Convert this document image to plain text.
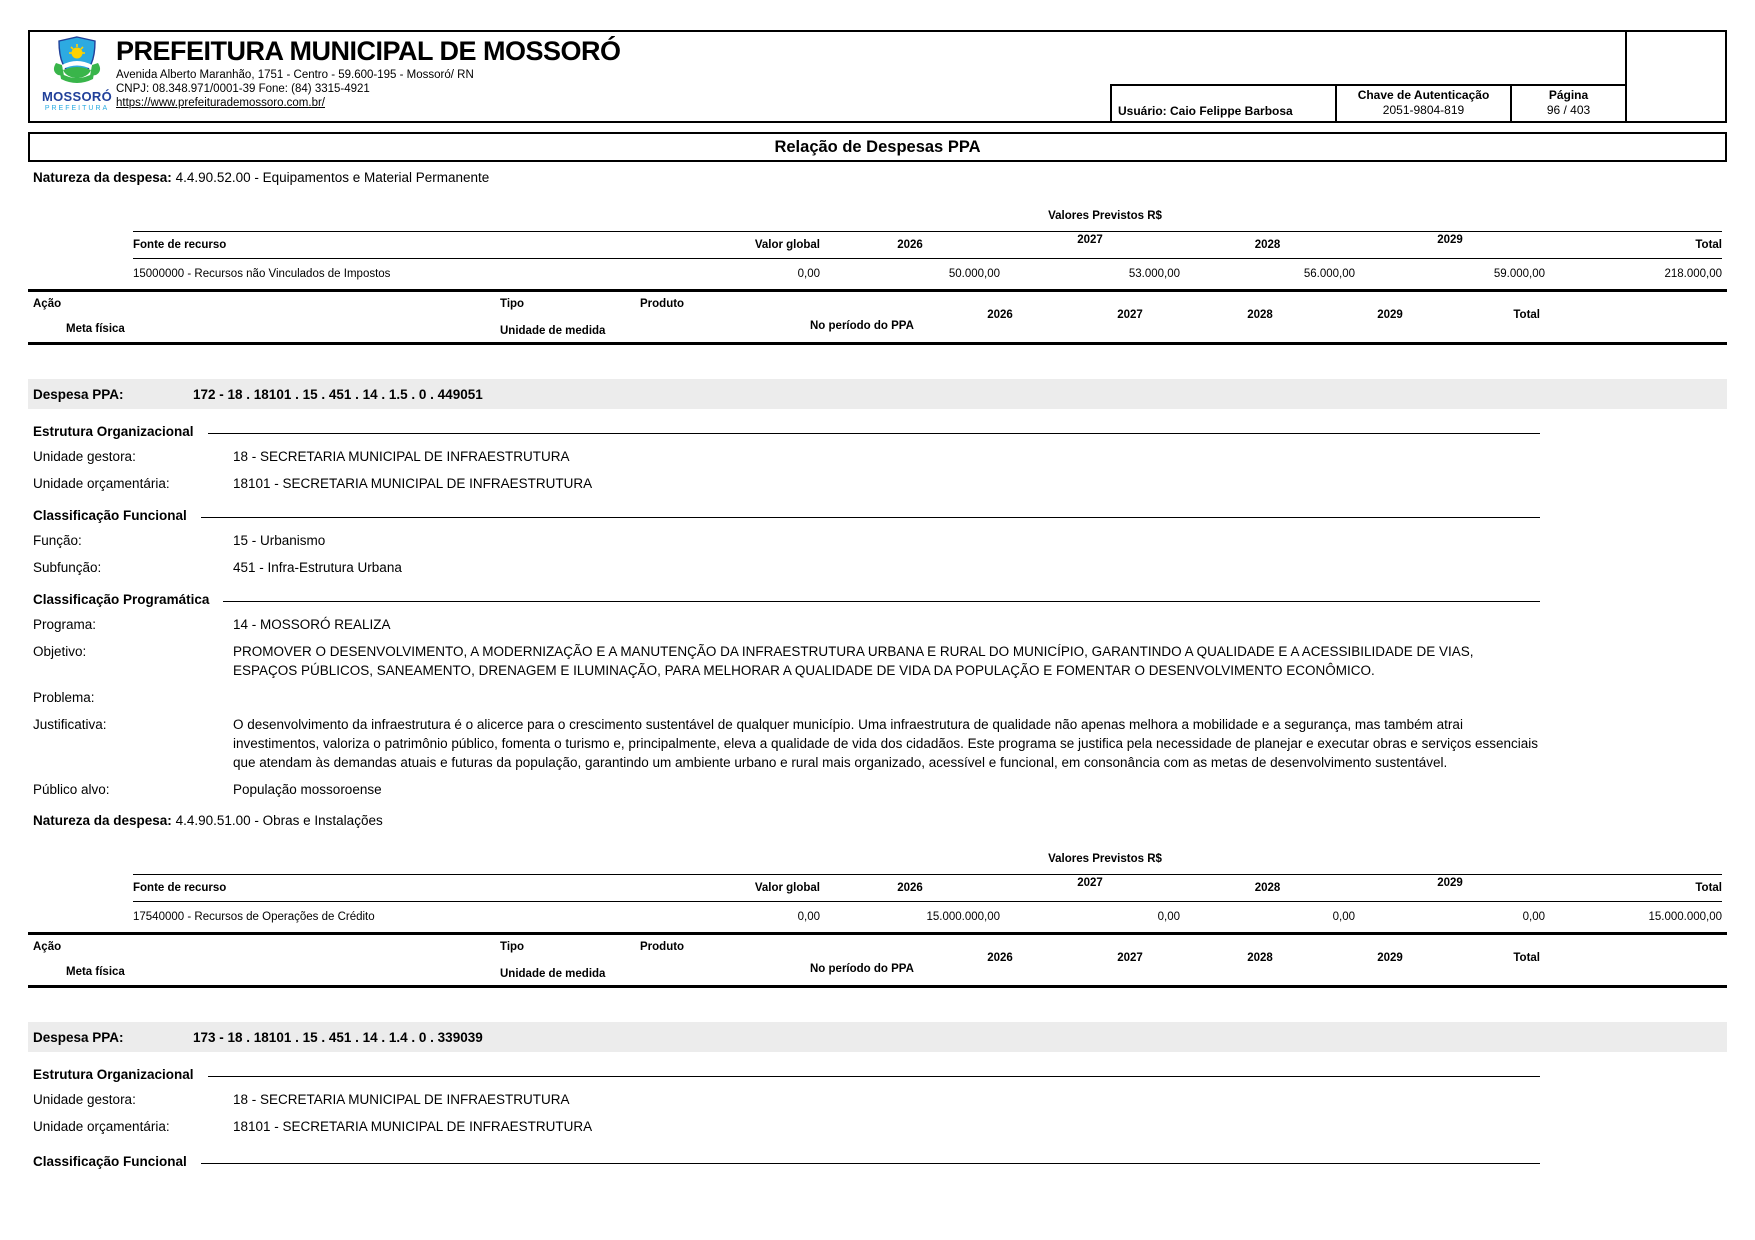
MOSSORÓ
PREFEITURA
PREFEITURA MUNICIPAL DE MOSSORÓ
Avenida Alberto Maranhão, 1751 - Centro - 59.600-195 - Mossoró/ RN
CNPJ: 08.348.971/0001-39 Fone: (84) 3315-4921
https://www.prefeiturademossoro.com.br/
Usuário: Caio Felippe Barbosa
Chave de Autenticação
2051-9804-819
Página
96 / 403
Relação de Despesas PPA
Natureza da despesa: 4.4.90.52.00 - Equipamentos e Material Permanente
Valores Previstos R$
Fonte de recurso	Valor global	2026	2027	2028	2029	Total
15000000 - Recursos não Vinculados de Impostos	0,00	50.000,00	53.000,00	56.000,00	59.000,00	218.000,00
Ação	Tipo	Produto
Meta física	Unidade de medida	No período do PPA
2026	2027	2028	2029	Total
Despesa PPA:	172 - 18 . 18101 . 15 . 451 . 14 . 1.5 . 0 . 449051
Estrutura Organizacional
Unidade gestora:	18 - SECRETARIA MUNICIPAL DE INFRAESTRUTURA
Unidade orçamentária:	18101 - SECRETARIA MUNICIPAL DE INFRAESTRUTURA
Classificação Funcional
Função:	15 - Urbanismo
Subfunção:	451 - Infra-Estrutura Urbana
Classificação Programática
Programa:	14 - MOSSORÓ REALIZA
Objetivo:	PROMOVER O DESENVOLVIMENTO, A MODERNIZAÇÃO E A MANUTENÇÃO DA INFRAESTRUTURA URBANA E RURAL DO MUNICÍPIO, GARANTINDO A QUALIDADE E A ACESSIBILIDADE DE VIAS, ESPAÇOS PÚBLICOS, SANEAMENTO, DRENAGEM E ILUMINAÇÃO, PARA MELHORAR A QUALIDADE DE VIDA DA POPULAÇÃO E FOMENTAR O DESENVOLVIMENTO ECONÔMICO.
Problema:
Justificativa:	O desenvolvimento da infraestrutura é o alicerce para o crescimento sustentável de qualquer município. Uma infraestrutura de qualidade não apenas melhora a mobilidade e a segurança, mas também atrai investimentos, valoriza o patrimônio público, fomenta o turismo e, principalmente, eleva a qualidade de vida dos cidadãos. Este programa se justifica pela necessidade de planejar e executar obras e serviços essenciais que atendam às demandas atuais e futuras da população, garantindo um ambiente urbano e rural mais organizado, acessível e funcional, em consonância com as metas de desenvolvimento sustentável.
Público alvo:	População mossoroense
Natureza da despesa: 4.4.90.51.00 - Obras e Instalações
Valores Previstos R$
Fonte de recurso	Valor global	2026	2027	2028	2029	Total
17540000 - Recursos de Operações de Crédito	0,00	15.000.000,00	0,00	0,00	0,00	15.000.000,00
Ação	Tipo	Produto
Meta física	Unidade de medida	No período do PPA
2026	2027	2028	2029	Total
Despesa PPA:	173 - 18 . 18101 . 15 . 451 . 14 . 1.4 . 0 . 339039
Estrutura Organizacional
Unidade gestora:	18 - SECRETARIA MUNICIPAL DE INFRAESTRUTURA
Unidade orçamentária:	18101 - SECRETARIA MUNICIPAL DE INFRAESTRUTURA
Classificação Funcional
